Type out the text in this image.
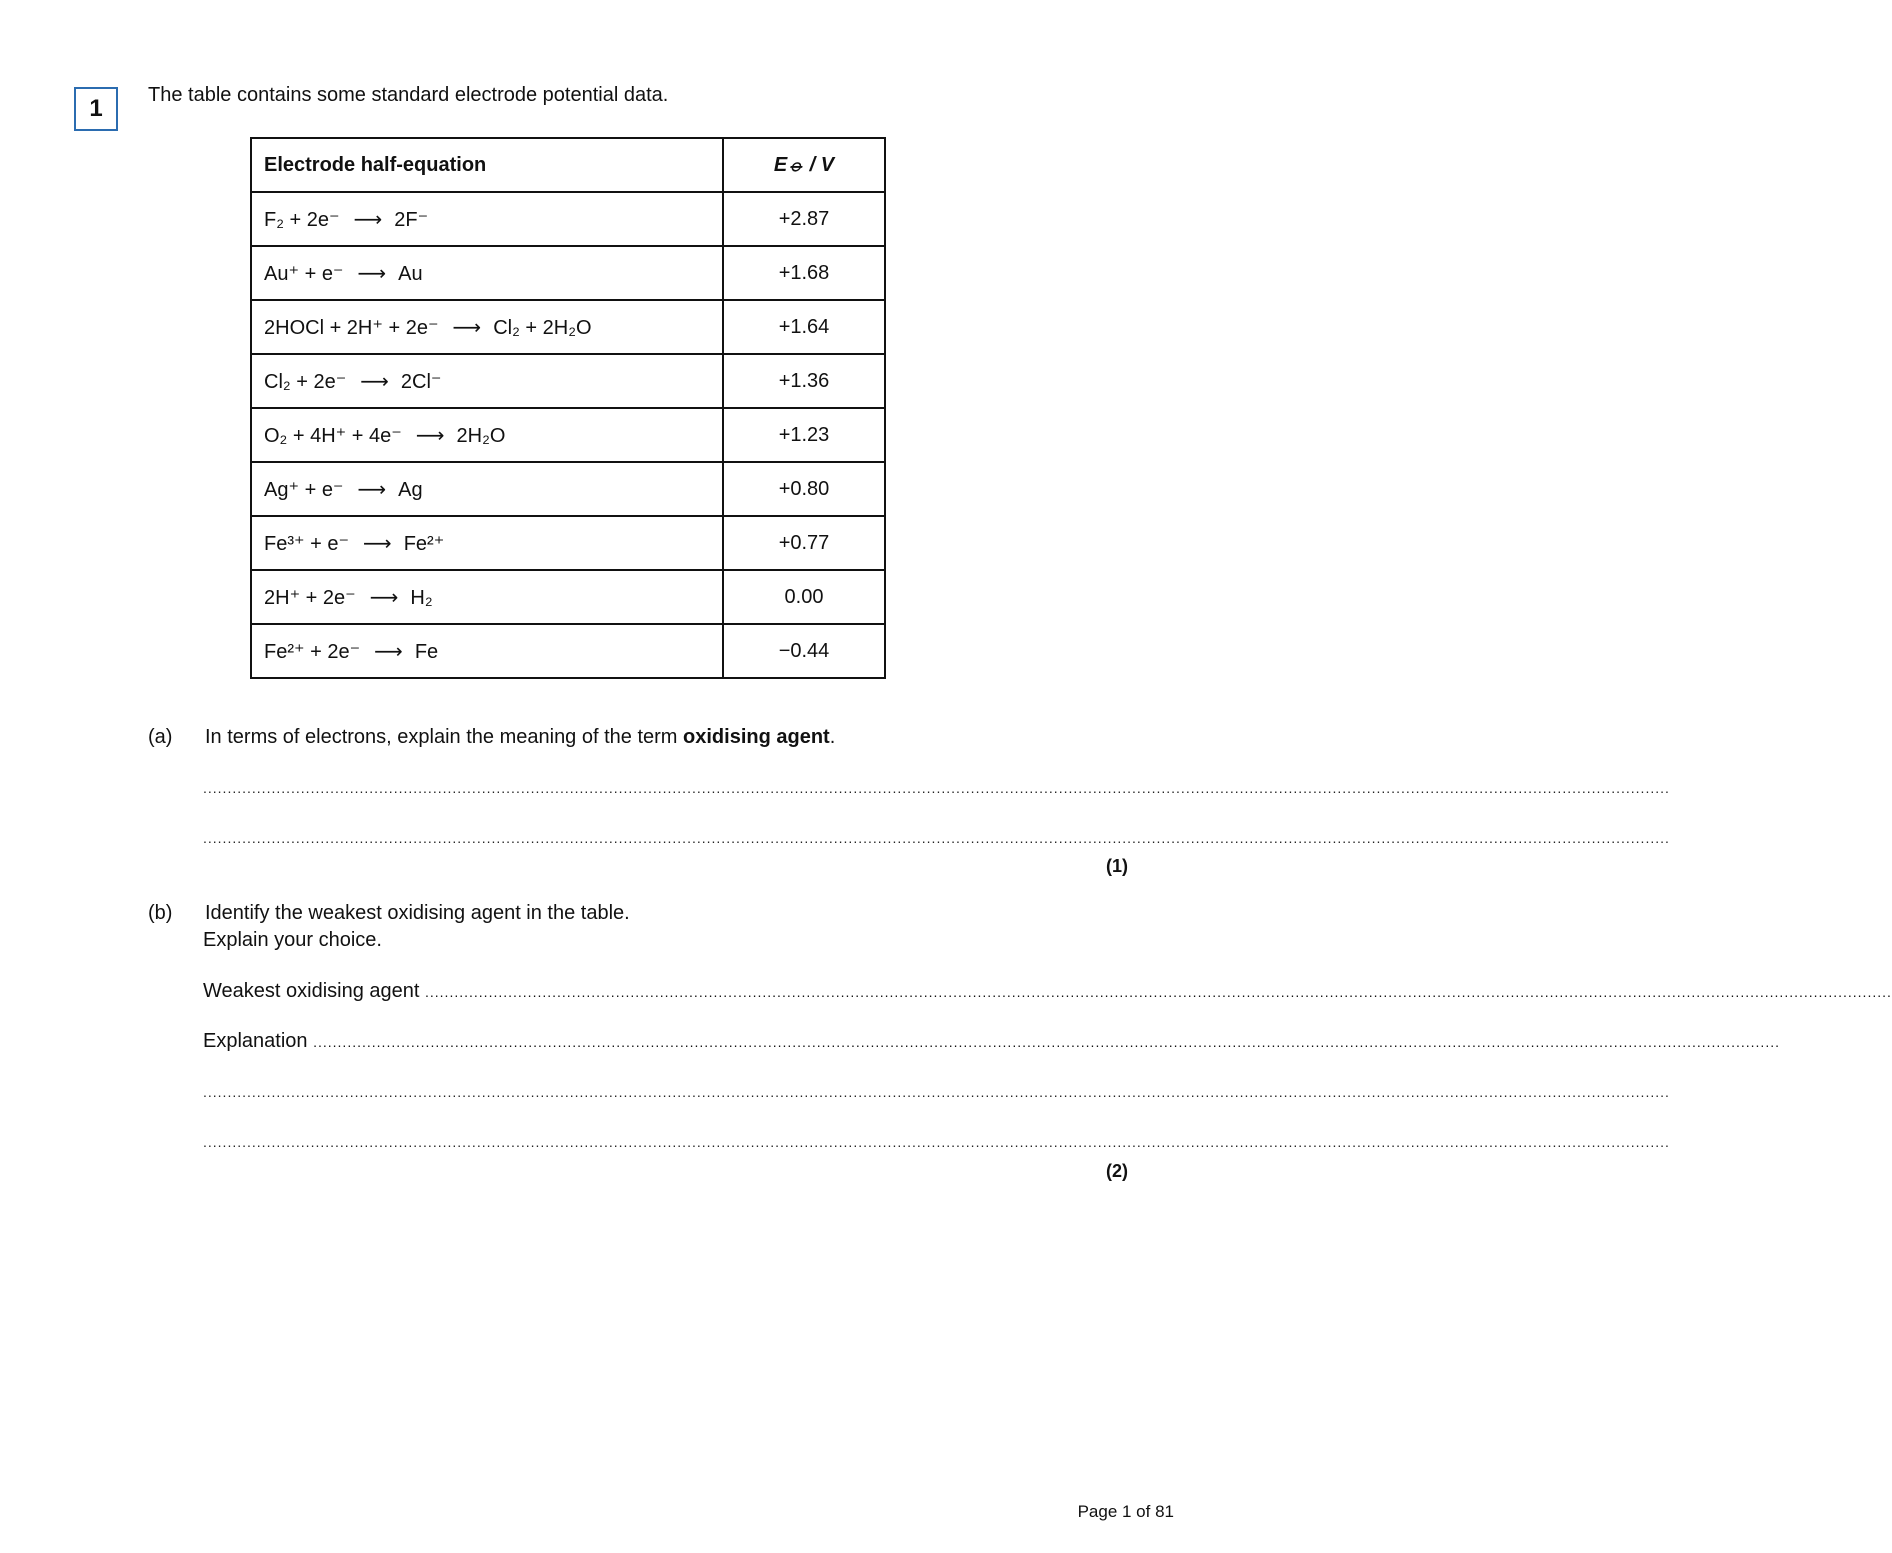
1 The table contains some standard electrode potential data.
Electrode half-equation	E⦵ / V
F₂ + 2e⁻ ⟶ 2F⁻	+2.87
Au⁺ + e⁻ ⟶ Au	+1.68
2HOCl + 2H⁺ + 2e⁻ ⟶ Cl₂ + 2H₂O	+1.64
Cl₂ + 2e⁻ ⟶ 2Cl⁻	+1.36
O₂ + 4H⁺ + 4e⁻ ⟶ 2H₂O	+1.23
Ag⁺ + e⁻ ⟶ Ag	+0.80
Fe³⁺ + e⁻ ⟶ Fe²⁺	+0.77
2H⁺ + 2e⁻ ⟶ H₂	0.00
Fe²⁺ + 2e⁻ ⟶ Fe	−0.44
(a) In terms of electrons, explain the meaning of the term oxidising agent.
............................................................................................................................................................................................................................................................................................................
............................................................................................................................................................................................................................................................................................................
(1)
(b) Identify the weakest oxidising agent in the table.
Explain your choice.
Weakest oxidising agent ............................................................................................................................................................................................................................................................................................................
Explanation ............................................................................................................................................................................................................................................................................................................
............................................................................................................................................................................................................................................................................................................
............................................................................................................................................................................................................................................................................................................
(2)
Page 1 of 81
